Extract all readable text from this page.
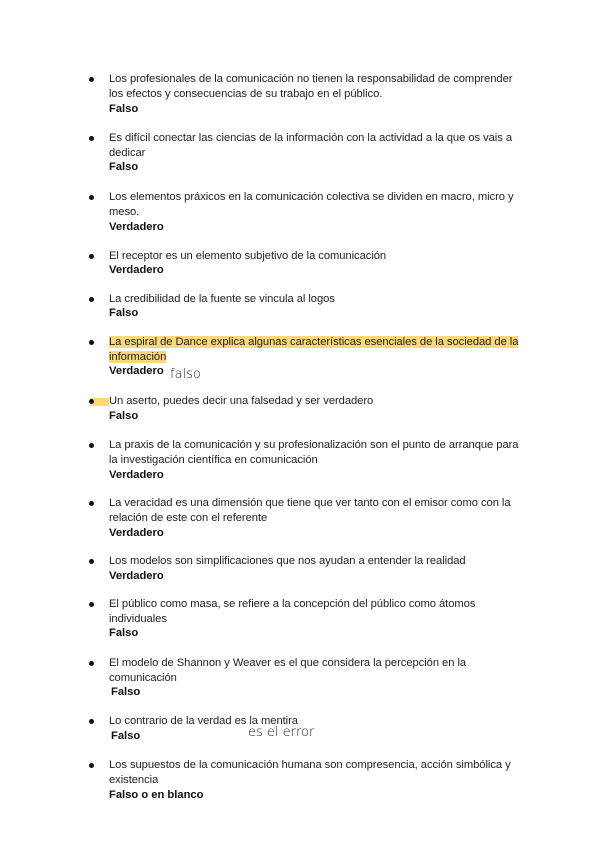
Los profesionales de la comunicación no tienen la responsabilidad de comprender los efectos y consecuencias de su trabajo en el público.
Falso
Es difícil conectar las ciencias de la información con la actividad a la que os vais a dedicar
Falso
Los elementos práxicos en la comunicación colectiva se dividen en macro, micro y meso.
Verdadero
El receptor es un elemento subjetivo de la comunicación
Verdadero
La credibilidad de la fuente se vincula al logos
Falso
La espiral de Dance explica algunas características esenciales de la sociedad de la información
Verdadero falso
Un aserto, puedes decir una falsedad y ser verdadero
Falso
La praxis de la comunicación y su profesionalización son el punto de arranque para la investigación científica en comunicación
Verdadero
La veracidad es una dimensión que tiene que ver tanto con el emisor como con la relación de este con el referente
Verdadero
Los modelos son simplificaciones que nos ayudan a entender la realidad
Verdadero
El público como masa, se refiere a la concepción del público como átomos individuales
Falso
El modelo de Shannon y Weaver es el que considera la percepción en la comunicación
Falso
Lo contrario de la verdad es la mentira
Falso	es el error
Los supuestos de la comunicación humana son compresencia, acción simbólica y existencia
Falso o en blanco
